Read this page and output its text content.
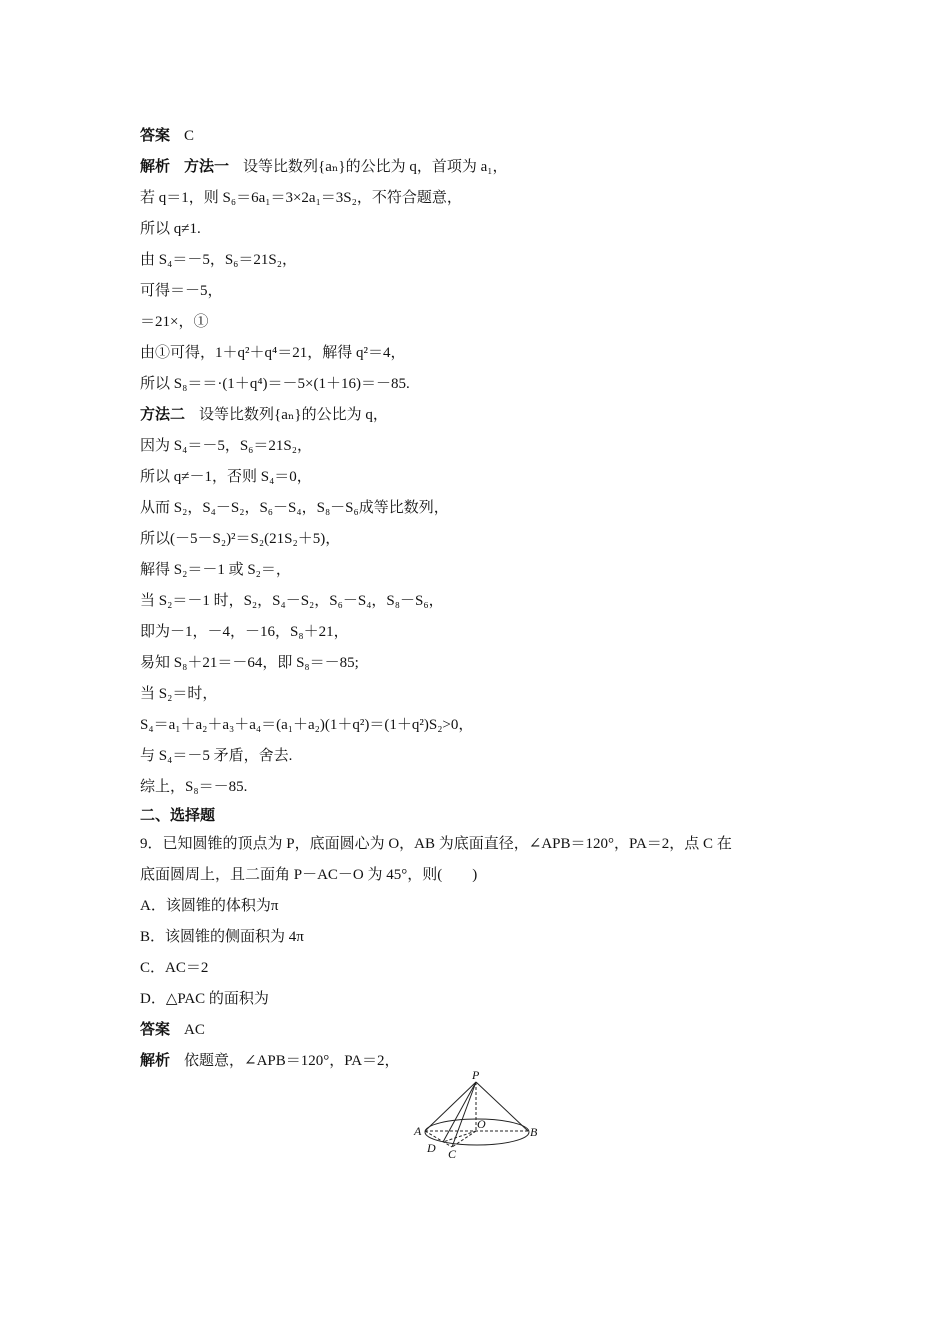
答案 C
解析 方法一 设等比数列{aₙ}的公比为 q，首项为 a₁，
若 q＝1，则 S₆＝6a₁＝3×2a₁＝3S₂，不符合题意，
所以 q≠1.
由 S₄＝－5，S₆＝21S₂，
可得＝－5，
＝21×，①
由①可得，1＋q²＋q⁴＝21，解得 q²＝4，
所以 S₈＝＝·(1＋q⁴)＝－5×(1＋16)＝－85.
方法二 设等比数列{aₙ}的公比为 q，
因为 S₄＝－5，S₆＝21S₂，
所以 q≠－1，否则 S₄＝0，
从而 S₂，S₄－S₂，S₆－S₄，S₈－S₆成等比数列，
所以(－5－S₂)²＝S₂(21S₂＋5)，
解得 S₂＝－1 或 S₂＝，
当 S₂＝－1 时，S₂，S₄－S₂，S₆－S₄，S₈－S₆，
即为－1，－4，－16，S₈＋21，
易知 S₈＋21＝－64，即 S₈＝－85;
当 S₂＝时，
S₄＝a₁＋a₂＋a₃＋a₄＝(a₁＋a₂)(1＋q²)＝(1＋q²)S₂>0，
与 S₄＝－5 矛盾，舍去.
综上，S₈＝－85.
二、选择题
9．已知圆锥的顶点为 P，底面圆心为 O，AB 为底面直径，∠APB＝120°，PA＝2，点 C 在
底面圆周上，且二面角 P－AC－O 为 45°，则(　　)
A．该圆锥的体积为π
B．该圆锥的侧面积为 4π
C．AC＝2
D．△PAC 的面积为
答案 AC
解析 依题意，∠APB＝120°，PA＝2，
P
O
A	B
D C
